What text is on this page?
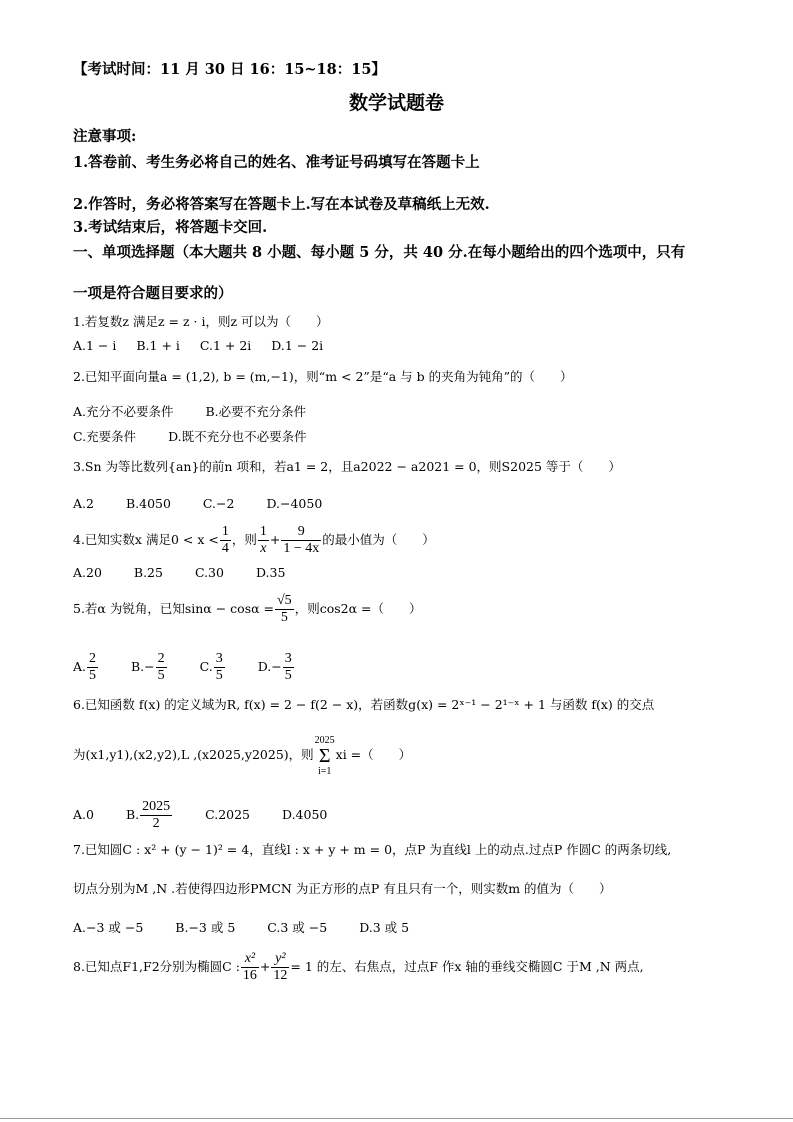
【考试时间：11 月 30 日 16：15~18：15】
数学试题卷
注意事项:
1.答卷前、考生务必将自己的姓名、准考证号码填写在答题卡上
2.作答时，务必将答案写在答题卡上.写在本试卷及草稿纸上无效.
3.考试结束后，将答题卡交回.
一、单项选择题（本大题共 8 小题、每小题 5 分，共 40 分.在每小题给出的四个选项中，只有
一项是符合题目要求的）
1.若复数z 满足z = z · i，则z 可以为（　　）
A.1 − i B.1 + i C.1 + 2i D.1 − 2i
2.已知平面向量a = (1,2), b = (m,−1)，则“m < 2”是“a 与 b 的夹角为钝角”的（　　）
A.充分不必要条件	B.必要不充分条件
C.充要条件	D.既不充分也不必要条件
3.Sn 为等比数列{an}的前n 项和，若a1 = 2，且a2022 − a2021 = 0，则S2025 等于（　　）
A.2	B.4050	C.−2	D.−4050
4.已知实数x 满足$0 < x < \frac{1}{4}$ ，则 $\frac{1}{x} + \frac{9}{1 - 4x}$ 的最小值为（　　）
A.20	B.25	C.30	D.35
5.若α 为锐角，已知$\sin\alpha - \cos\alpha = \frac{√5}{5}$ ，则cos2α =（　　）
A. $\frac{2}{5}$	$B.- \frac{2}{5}$	C. $\frac{3}{5}$	$D.- \frac{3}{5}$
6.已知函数 f(x) 的定义域为R, f(x) = 2 − f(2 − x)，若函数g(x) = 2ˣ⁻¹ − 2¹⁻ˣ + 1 与函数 f(x) 的交点
为(x1,y1),(x2,y2),L ,(x2025,y2025)，则
2025
Σ
i=1
xi =（　　）
A.0	B. $\frac{2025}{2}$	C.2025	D.4050
7.已知圆C : x² + (y − 1)² = 4，直线l : x + y + m = 0，点P 为直线l 上的动点.过点P 作圆C 的两条切线,
切点分别为M ,N .若使得四边形PMCN 为正方形的点P 有且只有一个，则实数m 的值为（　　）
A.−3 或 −5	B.−3 或 5	C.3 或 −5	D.3 或 5
8.已知点F1,F2分别为椭圆C : $\frac{\text{x²}}{16} + \frac{\text{y²}}{12} = 1$ 的左、右焦点，过点F 作x 轴的垂线交椭圆C 于M ,N 两点,
